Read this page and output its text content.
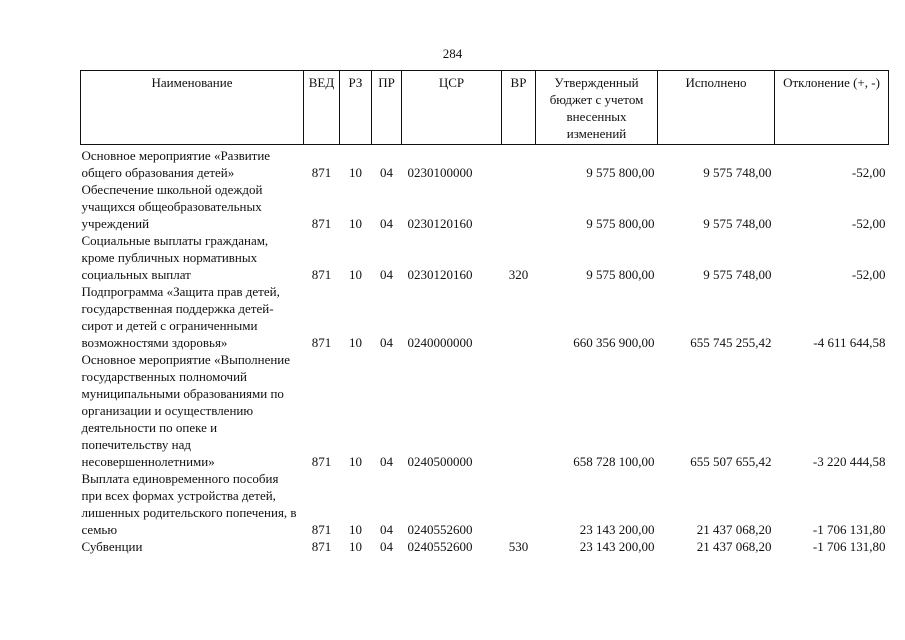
284
Наименование	ВЕД	РЗ	ПР	ЦСР	ВР	Утвержденный бюджет с учетом внесенных изменений	Исполнено	Отклонение (+, -)
Основное мероприятие «Развитие общего образования детей»	871	10	04	0230100000		9 575 800,00	9 575 748,00	-52,00
Обеспечение школьной одеждой учащихся общеобразовательных учреждений	871	10	04	0230120160		9 575 800,00	9 575 748,00	-52,00
Социальные выплаты гражданам, кроме публичных нормативных социальных выплат	871	10	04	0230120160	320	9 575 800,00	9 575 748,00	-52,00
Подпрограмма «Защита прав детей, государственная поддержка детей-сирот и детей с ограниченными возможностями здоровья»	871	10	04	0240000000		660 356 900,00	655 745 255,42	-4 611 644,58
Основное мероприятие «Выполнение государственных полномочий муниципальными образованиями по организации и осуществлению деятельности по опеке и попечительству над несовершеннолетними»	871	10	04	0240500000		658 728 100,00	655 507 655,42	-3 220 444,58
Выплата единовременного пособия при всех формах устройства детей, лишенных родительского попечения, в семью	871	10	04	0240552600		23 143 200,00	21 437 068,20	-1 706 131,80
Субвенции	871	10	04	0240552600	530	23 143 200,00	21 437 068,20	-1 706 131,80
